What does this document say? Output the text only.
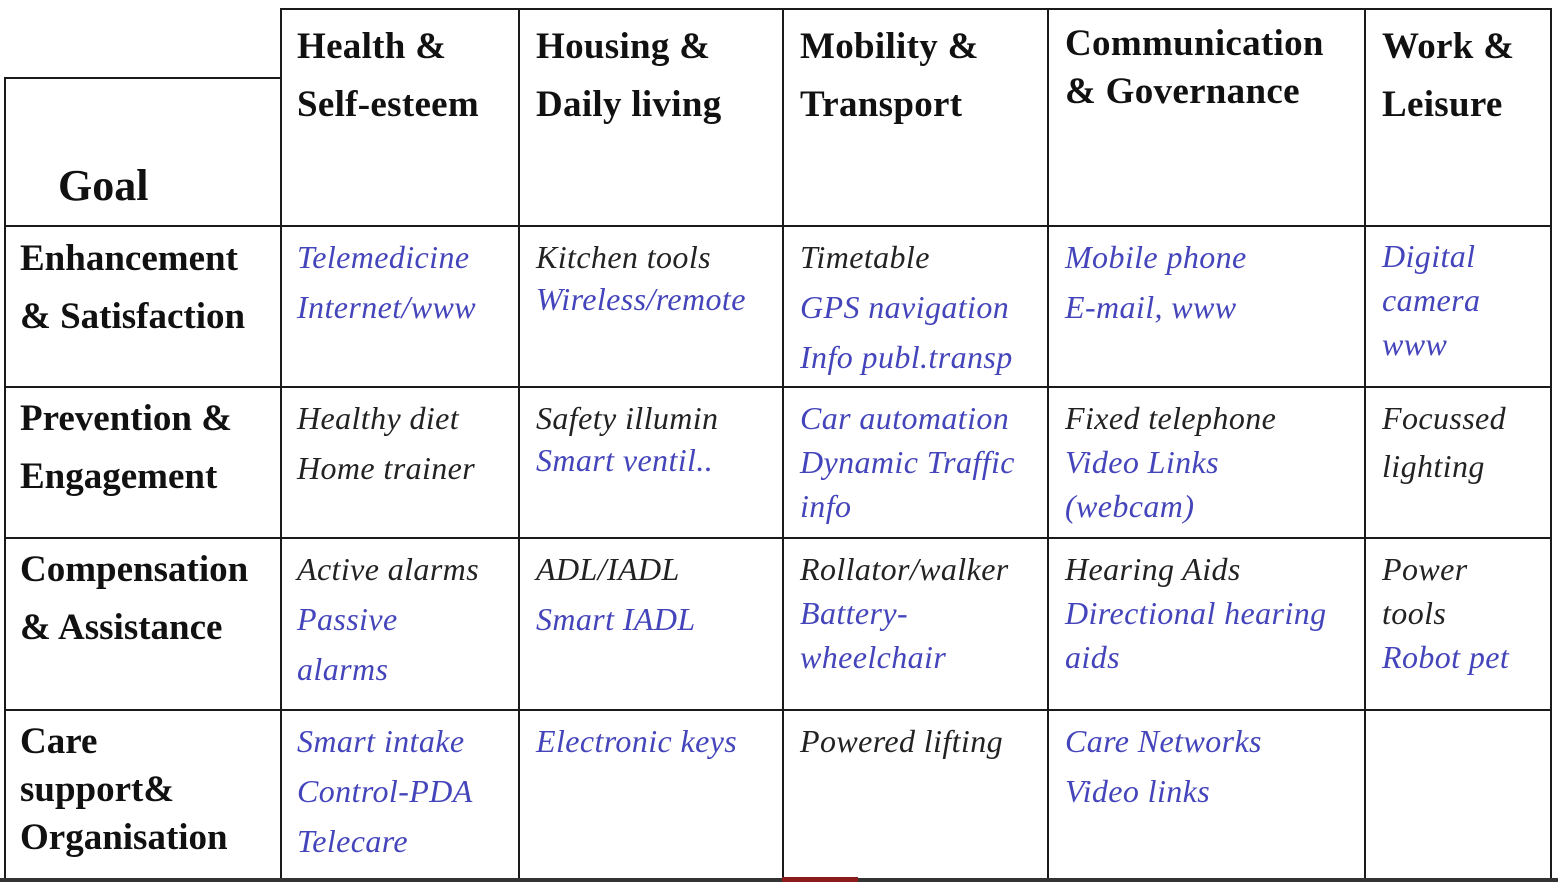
Goal
Health &
Self-esteem
Housing &
Daily living
Mobility &
Transport
Communication
& Governance
Work &
Leisure
Enhancement
& Satisfaction
Prevention &
Engagement
Compensation
& Assistance
Care
support&
Organisation
Telemedicine
Internet/www
Kitchen tools
Wireless/remote
Timetable
GPS navigation
Info publ.transp
Mobile phone
E-mail, www
Digital
camera
www
Healthy diet
Home trainer
Safety illumin
Smart ventil..
Car automation
Dynamic Traffic
info
Fixed telephone
Video Links
(webcam)
Focussed
lighting
Active alarms
Passive
alarms
ADL/IADL
Smart IADL
Rollator/walker
Battery-
wheelchair
Hearing Aids
Directional hearing
aids
Power
tools
Robot pet
Smart intake
Control-PDA
Telecare
Electronic keys Powered lifting Care Networks
Video links
